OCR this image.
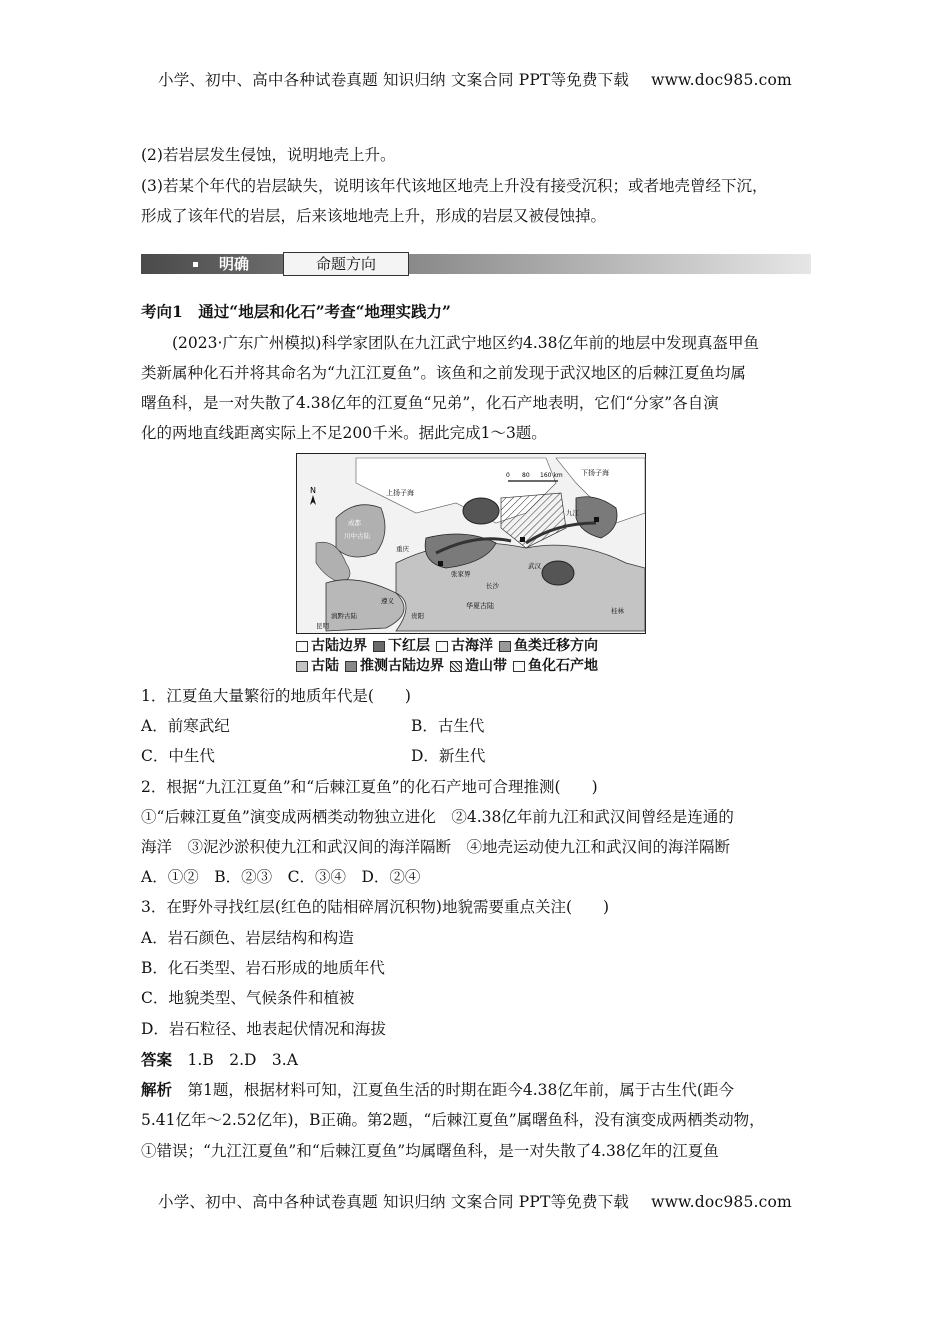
小学、初中、高中各种试卷真题 知识归纳 文案合同 PPT等免费下载 www.doc985.com

(2)若岩层发生侵蚀，说明地壳上升。

(3)若某个年代的岩层缺失，说明该年代该地区地壳上升没有接受沉积；或者地壳曾经下沉，

形成了该年代的岩层，后来该地地壳上升，形成的岩层又被侵蚀掉。

明确	命题方向

考向1　通过“地层和化石”考查“地理实践力”

(2023·广东广州模拟)科学家团队在九江武宁地区约4.38亿年前的地层中发现真盔甲鱼

类新属种化石并将其命名为“九江江夏鱼”。该鱼和之前发现于武汉地区的后棘江夏鱼均属

曙鱼科，是一对失散了4.38亿年的江夏鱼“兄弟”，化石产地表明，它们“分家”各自演

化的两地直线距离实际上不足200千米。据此完成1～3题。

1．江夏鱼大量繁衍的地质年代是(　　)

A．前寒武纪	B．古生代

C．中生代	D．新生代

2．根据“九江江夏鱼”和“后棘江夏鱼”的化石产地可合理推测(　　)

①“后棘江夏鱼”演变成两栖类动物独立进化　②4.38亿年前九江和武汉间曾经是连通的

海洋　③泥沙淤积使九江和武汉间的海洋隔断　④地壳运动使九江和武汉间的海洋隔断

A．①②　B．②③　C．③④　D．②④

3．在野外寻找红层(红色的陆相碎屑沉积物)地貌需要重点关注(　　)

A．岩石颜色、岩层结构和构造

B．化石类型、岩石形成的地质年代

C．地貌类型、气候条件和植被

D．岩石粒径、地表起伏情况和海拔

答案　 1.B　2.D　3.A

解析　 第1题，根据材料可知，江夏鱼生活的时期在距今4.38亿年前，属于古生代(距今

5.41亿年～2.52亿年)，B正确。第2题，“后棘江夏鱼”属曙鱼科，没有演变成两栖类动物，

①错误；“九江江夏鱼”和“后棘江夏鱼”均属曙鱼科，是一对失散了4.38亿年的江夏鱼

0 80 160 km
上扬子海
下扬子海
成都
川中古陆
重庆
张家界
武汉
九江
长沙
遵义
贵阳
华夏古陆
滇黔古陆
昆明
桂林
海湾
N
古陆边界 下红层 古海洋 鱼类迁移方向
古陆 推测古陆边界 造山带 鱼化石产地
小学、初中、高中各种试卷真题 知识归纳 文案合同 PPT等免费下载 www.doc985.com
